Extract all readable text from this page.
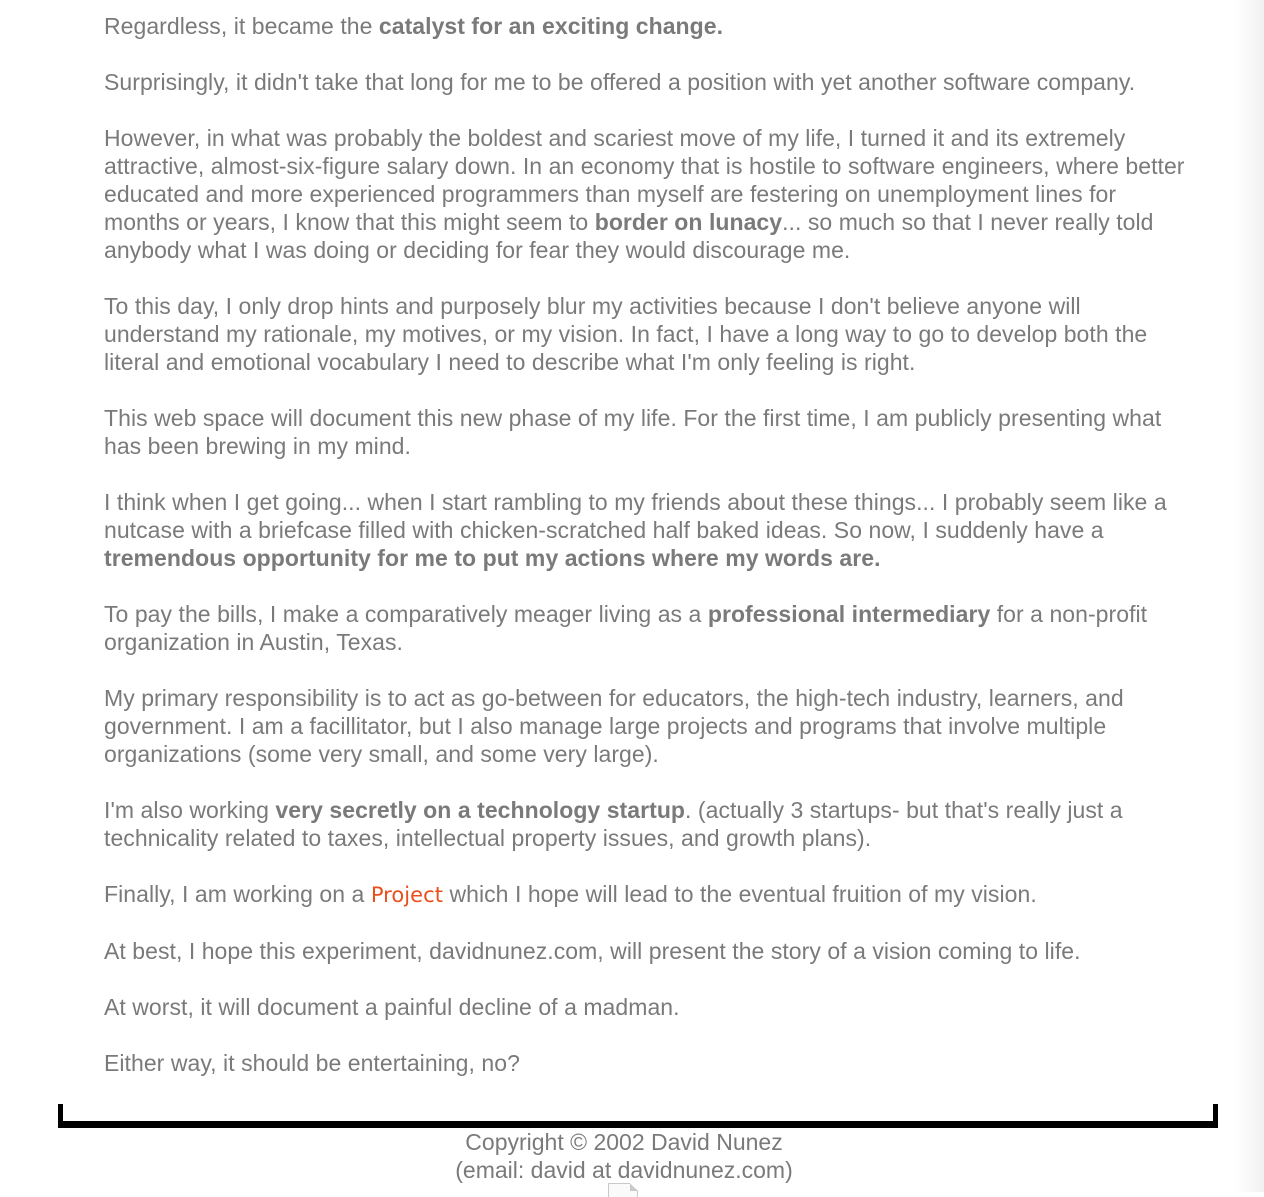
Regardless, it became the catalyst for an exciting change.

Surprisingly, it didn't take that long for me to be offered a position with yet another software company.

However, in what was probably the boldest and scariest move of my life, I turned it and its extremely attractive, almost-six-figure salary down. In an economy that is hostile to software engineers, where better educated and more experienced programmers than myself are festering on unemployment lines for months or years, I know that this might seem to border on lunacy... so much so that I never really told anybody what I was doing or deciding for fear they would discourage me.

To this day, I only drop hints and purposely blur my activities because I don't believe anyone will understand my rationale, my motives, or my vision. In fact, I have a long way to go to develop both the literal and emotional vocabulary I need to describe what I'm only feeling is right.

This web space will document this new phase of my life. For the first time, I am publicly presenting what has been brewing in my mind.

I think when I get going... when I start rambling to my friends about these things... I probably seem like a nutcase with a briefcase filled with chicken-scratched half baked ideas. So now, I suddenly have a tremendous opportunity for me to put my actions where my words are.

To pay the bills, I make a comparatively meager living as a professional intermediary for a non-profit organization in Austin, Texas.

My primary responsibility is to act as go-between for educators, the high-tech industry, learners, and government. I am a facillitator, but I also manage large projects and programs that involve multiple organizations (some very small, and some very large).

I'm also working very secretly on a technology startup. (actually 3 startups- but that's really just a technicality related to taxes, intellectual property issues, and growth plans).

Finally, I am working on a Project which I hope will lead to the eventual fruition of my vision.

At best, I hope this experiment, davidnunez.com, will present the story of a vision coming to life.

At worst, it will document a painful decline of a madman.

Either way, it should be entertaining, no?

Copyright © 2002 David Nunez
(email: david at davidnunez.com)
